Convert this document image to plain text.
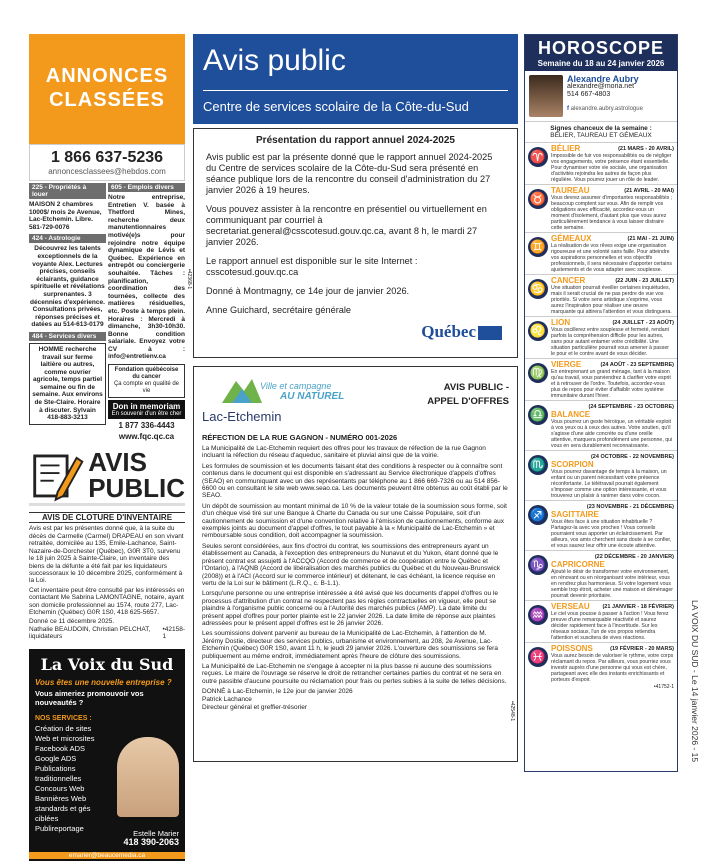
ANNONCES
CLASSÉES
1 866 637-5236
annoncesclassees@hebdos.com
225 - Propriétés à louer
MAISON 2 chambres 1000$/ mois 2e Avenue, Lac-Etchemin. Libre. 581-729-0076
424 - Astrologie
Découvrez les talents exceptionnels de la voyante Alex. Lectures précises, conseils éclairants, guidance spirituelle et révélations surprenantes. 3 décennies d'expérience. Consultations privées, réponses précises et datées au 514-613-0179
484 - Services divers
HOMME recherche travail sur ferme laitière ou autres, comme ouvrier agricole, temps partiel semaine ou fin de semaine. Aux environs de Ste-Claire. Horaire à discuter. Sylvain 418-883-3213
605 - Emplois divers
Notre entreprise, Entretien V. basée à Thetford Mines, recherche deux manutentionnaires motivé(e)s pour rejoindre notre équipe dynamique de Lévis et Québec. Expérience en entrepôt ou conciergerie souhaitée. Tâches : planification, coordination des tournées, collecte des matières résiduelles, etc. Poste à temps plein. Horaires : Mercredi à dimanche, 3h30-10h30. Bonne condition salariale. Envoyez votre CV à : info@entretienv.ca
Fondation québécoise du cancer
Ça compte en qualité de vie
Don in memoriam
En souvenir d'un être cher
1 877 336-4443
www.fqc.qc.ca
AVIS
PUBLIC
AVIS DE CLOTURE D'INVENTAIRE
Avis est par les présentes donné que, à la suite du décès de Carmelle (Carmel) DRAPEAU en son vivant retraitée, domicilée au 135, Emile-Lachance, Saint-Nazaire-de-Dorchester (Québec), G0R 3T0, survenu le 18 juin 2025 à Sainte-Claire, un inventaire des biens de la défunte a été fait par les liquidateurs successoraux le 10 décembre 2025, conformément à la Loi.
Cet inventaire peut être consulté par les intéressés en contactant Me Sabrina LAMONTAGNE, notaire, ayant son domicile professionnel au 1574, route 277, Lac-Etchemin (Québec) G0R 1S0, 418 625-5657.
Donné ce 11 décembre 2025.
Nathalie BEAUDOIN, Christian PELCHAT, liquidateurs
•42158-1
La Voix du Sud
Vous êtes une nouvelle entreprise ?
Vous aimeriez promouvoir vos nouveautés ?
NOS SERVICES :
Création de sites Web et microsites
Facebook ADS
Google ADS
Publications traditionnelles
Concours Web
Bannières Web standards et gés ciblées
Publireportage
Estelle Marier
418 390-2063
emarier@beaucemedia.ca
Avis public
Centre de services scolaire de la Côte-du-Sud
•42368-1
Présentation du rapport annuel 2024-2025
Avis public est par la présente donné que le rapport annuel 2024-2025 du Centre de services scolaire de la Côte-du-Sud sera présenté en séance publique lors de la rencontre du conseil d'administration du 27 janvier 2026 à 19 heures.
Vous pouvez assister à la rencontre en présentiel ou virtuellement en communiquant par courriel à secretariat.general@csscotesud.gouv.qc.ca, avant 8 h, le mardi 27 janvier 2026.
Le rapport annuel est disponible sur le site Internet : csscotesud.gouv.qc.ca
Donné à Montmagny, ce 14e jour de janvier 2026.
Anne Guichard, secrétaire générale
Québec
Ville et campagne
AU NATUREL
Lac-Etchemin
AVIS PUBLIC -
APPEL D'OFFRES
RÉFECTION DE LA RUE GAGNON - NUMÉRO 001-2026
La Municipalité de Lac-Etchemin requiert des offres pour les travaux de réfection de la rue Gagnon incluant la réfection du réseau d'aqueduc, sanitaire et pluvial ainsi que de la voirie.
Les formules de soumission et les documents faisant état des conditions à respecter ou à connaître sont contenus dans le document qui est disponible en s'adressant au Service électronique d'appels d'offres (SEAO) en communiquant avec un des représentants par téléphone au 1 866 669-7326 ou au 514 856-6600 ou en consultant le site web www.seao.ca. Les documents peuvent être obtenus au coût établi par le SEAO.
Un dépôt de soumission au montant minimal de 10 % de la valeur totale de la soumission sous forme, soit d'un chèque visé tiré sur une Banque à Charte du Canada ou sur une Caisse Populaire, soit d'un cautionnement de soumission et d'une convention relative à l'émission de cautionnements, conforme aux exemples joints au document d'appel d'offres, le tout payable à la « Municipalité de Lac-Etchemin » et remboursable sous condition, doit accompagner la soumission.
Seules seront considérées, aux fins d'octroi du contrat, les soumissions des entrepreneurs ayant un établissement au Canada, à l'exception des entrepreneurs du Nunavut et du Yukon, étant donné que le présent contrat est assujetti à l'ACCQO (Accord de commerce et de coopération entre le Québec et l'Ontario), à l'AQNB (Accord de libéralisation des marchés publics du Québec et du Nouveau-Brunswick (2008)) et à l'ACI (Accord sur le commerce intérieur) et détenant, le cas échéant, la licence requise en vertu de la Loi sur le bâtiment (L.R.Q., c. B-1.1).
Lorsqu'une personne ou une entreprise intéressée a été avisé que les documents d'appel d'offres ou le processus d'attribution d'un contrat ne respectent pas les règles contractuelles en vigueur, elle peut se plaindre à l'organisme public concerné ou à l'Autorité des marchés publics (AMP). La date limite du présent appel d'offres pour porter plainte est le 22 janvier 2026. La date limite de réponse aux plaintes adressées pour le présent appel d'offres est le 26 janvier 2026.
Les soumissions doivent parvenir au bureau de la Municipalité de Lac-Etchemin, à l'attention de M. Jérémy Dostie, directeur des services publics, urbanisme et environnement, au 208, 2e Avenue, Lac-Etchemin (Québec) G0R 1S0, avant 11 h, le jeudi 29 janvier 2026. L'ouverture des soumissions se fera publiquement au même endroit, immédiatement après l'heure de clôture des soumissions.
La Municipalité de Lac-Etchemin ne s'engage à accepter ni la plus basse ni aucune des soumissions reçues. Le maire de l'ouvrage se réserve le droit de retrancher certaines parties du contrat et ne sera en outre passible d'aucune poursuite ou réclamation pour frais ou pertes subies à la suite de telles décisions.
DONNÉ à Lac-Etchemin, le 12e jour de janvier 2026
Patrick Lachance
Directeur général et greffier-trésorier	•42548-1
HOROSCOPE
Semaine du 18 au 24 janvier 2026
Alexandre Aubry
alexandre@moria.net
514 667-4803
f alexandre.aubry.astrologue
Signes chanceux de la semaine :
BÉLIER, TAUREAU ET GÉMEAUX
♈	(21 MARS - 20 AVRIL)
BÉLIER
Impossible de fuir vos responsabilités ou de négliger vos engagements, votre présence étant essentielle. Pour dynamiser votre vie sociale, une organisation d'activités rejoindra les autres de façon plus régulière. Vous pourrez jouer un rôle de leader.
♉	(21 AVRIL - 20 MAI)
TAUREAU
Vous devrez assumer d'importantes responsabilités ; beaucoup comptent sur vous. Afin de remplir vos obligations avec efficacité, accordez-vous un moment d'isolement, d'autant plus que vous aurez particulièrement tendance à vous laisser distraire cette semaine.
♊	(21 MAI - 21 JUIN)
GÉMEAUX
La réalisation de vos rêves exige une organisation rigoureuse et une volonté sans faille. Pour atteindre vos aspirations personnelles et vos objectifs professionnels, il sera nécessaire d'apporter certains ajustements et de vous adapter avec souplesse.
♋	(22 JUIN - 23 JUILLET)
CANCER
Une situation pourrait éveiller certaines inquiétudes, mais il serait crucial de ne pas perdre de vue vos priorités. Si votre sens artistique s'exprime, vous aurez l'inspiration pour réaliser une œuvre marquante qui attirera l'attention et vous distinguera.
♌	(24 JUILLET - 23 AOÛT)
LION
Vous oscillerez entre souplesse et fermeté, rendant parfois la compréhension difficile pour les autres, sans pour autant entamer votre crédibilité. Une situation particulière pourrait vous amener à passer le pour et le contre avant de vous décider.
♍	(24 AOÛT - 23 SEPTEMBRE)
VIERGE
En entreprenant un grand ménage, tant à la maison qu'au travail, vous parviendrez à clarifier votre esprit et à retrouver de l'ordre. Toutefois, accordez-vous plus de repos pour éviter d'affaiblir votre système immunitaire durant l'hiver.
♎	(24 SEPTEMBRE - 23 OCTOBRE)
BALANCE
Vous pourrez un geste héroïque, un véritable exploit à vos yeux ou à ceux des autres. Votre soutien, qu'il s'agisse d'une aide concrète ou d'une oreille attentive, marquera profondément une personne, qui vous en sera durablement reconnaissante.
♏	(24 OCTOBRE - 22 NOVEMBRE)
SCORPION
Vous pourrez davantage de temps à la maison, un enfant ou un parent nécessitant votre présence réconfortante. Le télétravail pourrait également s'imposer comme une option intéressante, et vous trouverez un plaisir à ranimer dans votre cocon.
♐	(23 NOVEMBRE - 21 DÉCEMBRE)
SAGITTAIRE
Vous êtes face à une situation inhabituelle ? Partagez-la avec vos proches ! Vous conseils pourraient vous apporter un éclaircissement. Par ailleurs, vos amis cherchent sans doute à se confier, et vous saurez leur offrir une écoute attentive.
♑	(22 DÉCEMBRE - 20 JANVIER)
CAPRICORNE
Ajouté le désir de transformer votre environnement, en rénovant ou en réorganisant votre intérieur, vous en rendrez plus harmonieux. Si votre logement vous semble trop étroit, acheter une maison et déménager pourrait devenir prioritaire.
♒	(21 JANVIER - 18 FÉVRIER)
VERSEAU
Le ciel vous pousse à passer à l'action ! Vous ferez preuve d'une remarquable réactivité et saurez décider rapidement face à l'incertitude. Sur les réseaux sociaux, l'un de vos propos retiendra l'attention et suscitera de vives réactions.
♓	(19 FÉVRIER - 20 MARS)
POISSONS
Vous aurez besoin de valoriser le rythme, votre corps réclamant du repos. Par ailleurs, vous pourriez vous investir auprès d'une personne qui vous est chère, partageant avec elle des instants enrichissants et porteurs d'espoir.
•41752-1	LA VOIX DU SUD - Le 14 janvier 2026 - 15
